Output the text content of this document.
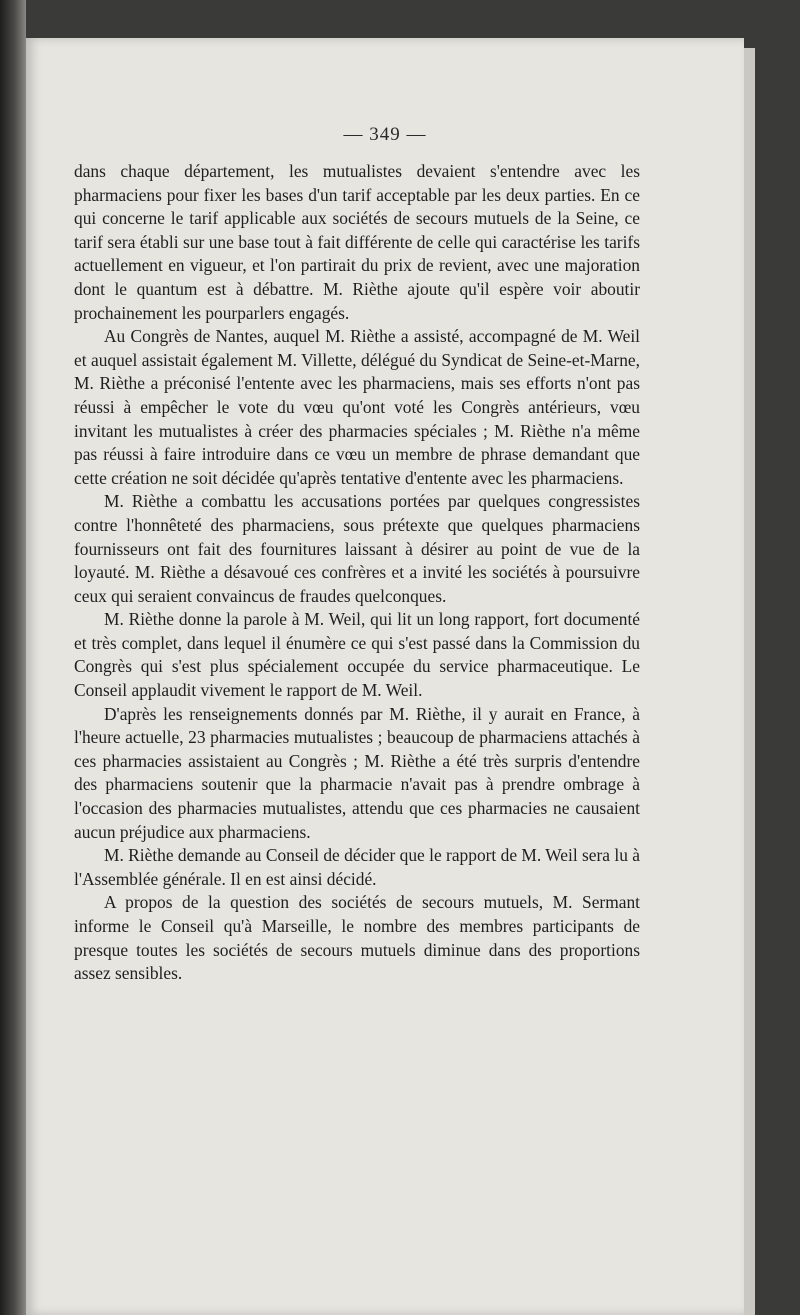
— 349 —

dans chaque département, les mutualistes devaient s'entendre avec les pharmaciens pour fixer les bases d'un tarif acceptable par les deux parties. En ce qui concerne le tarif applicable aux sociétés de secours mutuels de la Seine, ce tarif sera établi sur une base tout à fait différente de celle qui caractérise les tarifs actuellement en vigueur, et l'on partirait du prix de revient, avec une majoration dont le quantum est à débattre. M. Rièthe ajoute qu'il espère voir aboutir prochainement les pourparlers engagés.

Au Congrès de Nantes, auquel M. Rièthe a assisté, accompagné de M. Weil et auquel assistait également M. Villette, délégué du Syndicat de Seine-et-Marne, M. Rièthe a préconisé l'entente avec les pharmaciens, mais ses efforts n'ont pas réussi à empêcher le vote du vœu qu'ont voté les Congrès antérieurs, vœu invitant les mutualistes à créer des pharmacies spéciales ; M. Rièthe n'a même pas réussi à faire introduire dans ce vœu un membre de phrase demandant que cette création ne soit décidée qu'après tentative d'entente avec les pharmaciens.

M. Rièthe a combattu les accusations portées par quelques congressistes contre l'honnêteté des pharmaciens, sous prétexte que quelques pharmaciens fournisseurs ont fait des fournitures laissant à désirer au point de vue de la loyauté. M. Rièthe a désavoué ces confrères et a invité les sociétés à poursuivre ceux qui seraient convaincus de fraudes quelconques.

M. Rièthe donne la parole à M. Weil, qui lit un long rapport, fort documenté et très complet, dans lequel il énumère ce qui s'est passé dans la Commission du Congrès qui s'est plus spécialement occupée du service pharmaceutique. Le Conseil applaudit vivement le rapport de M. Weil.

D'après les renseignements donnés par M. Rièthe, il y aurait en France, à l'heure actuelle, 23 pharmacies mutualistes ; beaucoup de pharmaciens attachés à ces pharmacies assistaient au Congrès ; M. Rièthe a été très surpris d'entendre des pharmaciens soutenir que la pharmacie n'avait pas à prendre ombrage à l'occasion des pharmacies mutualistes, attendu que ces pharmacies ne causaient aucun préjudice aux pharmaciens.

M. Rièthe demande au Conseil de décider que le rapport de M. Weil sera lu à l'Assemblée générale. Il en est ainsi décidé.

A propos de la question des sociétés de secours mutuels, M. Sermant informe le Conseil qu'à Marseille, le nombre des membres participants de presque toutes les sociétés de secours mutuels diminue dans des proportions assez sensibles.
